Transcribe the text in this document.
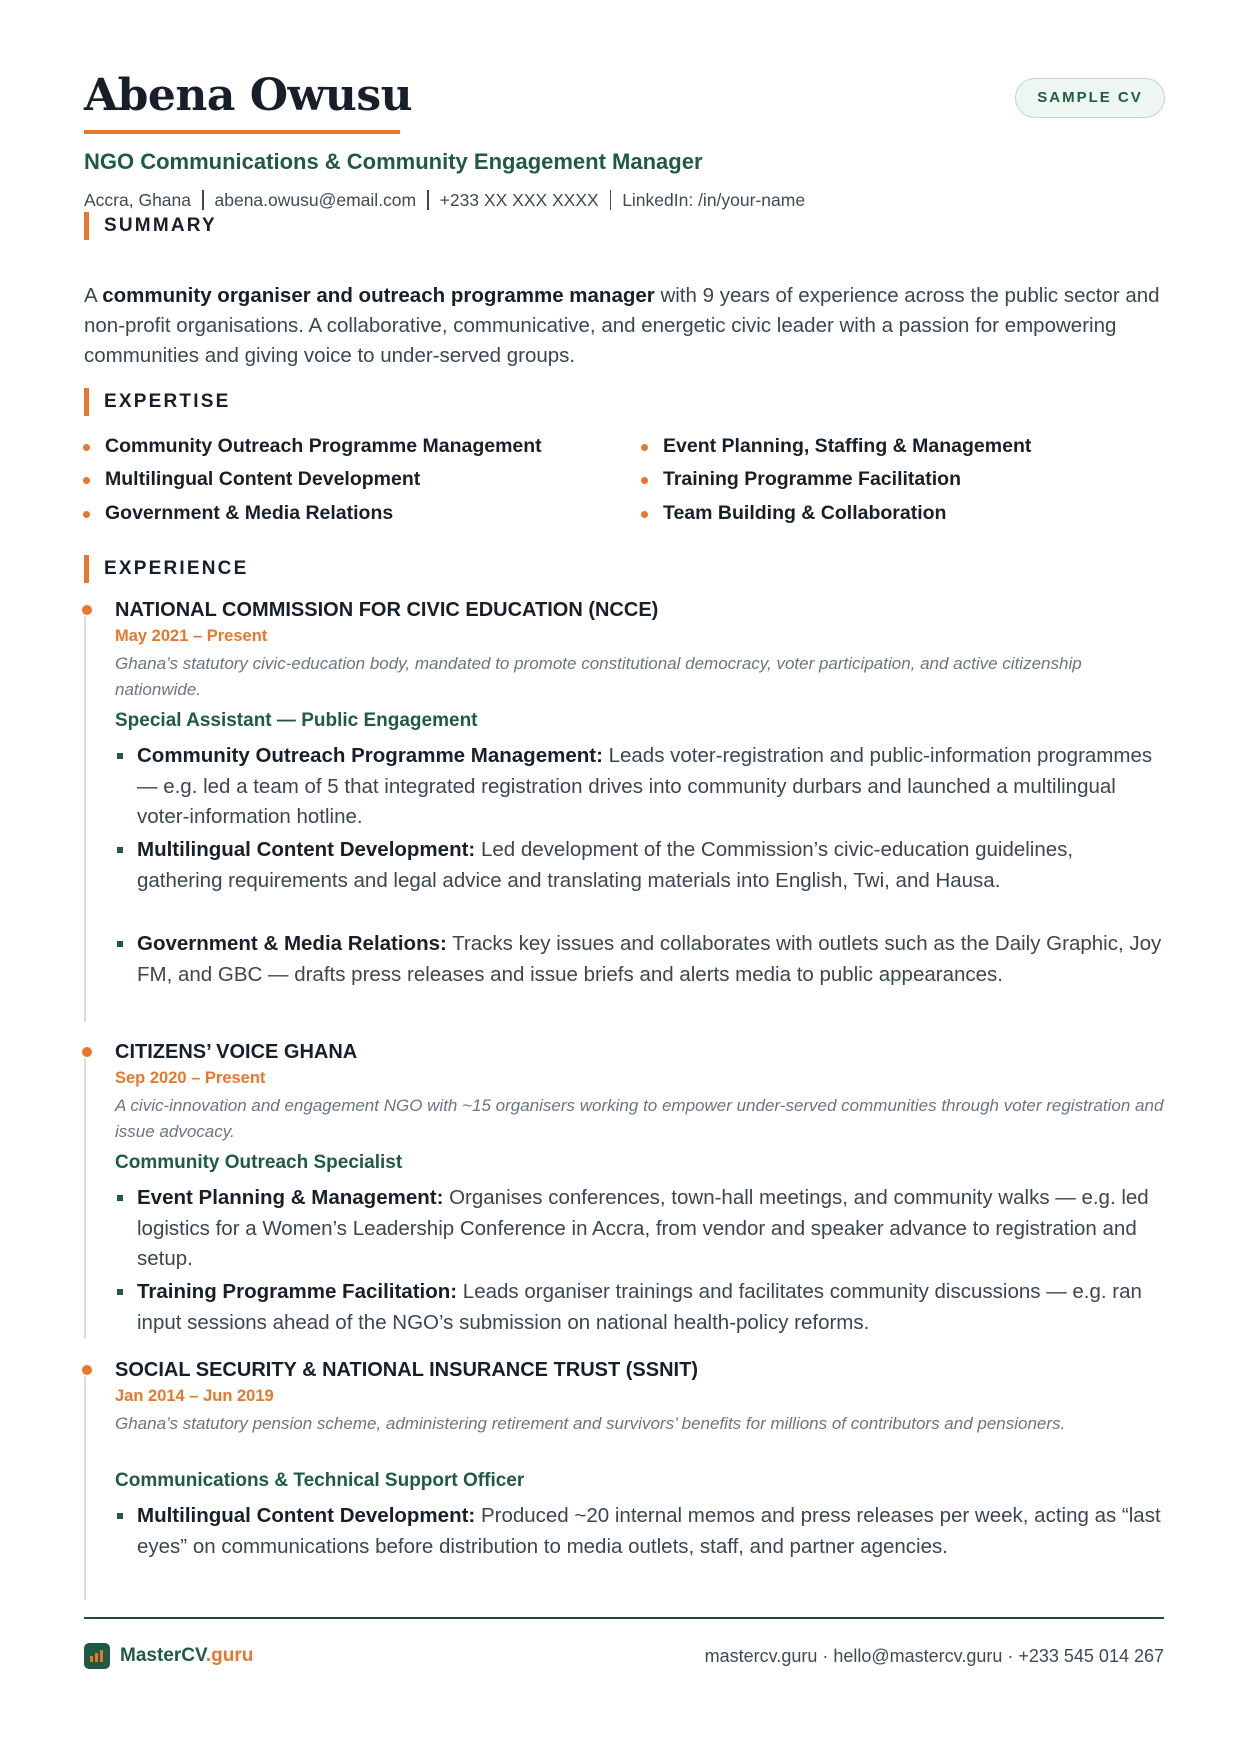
Abena Owusu	SAMPLE CV
NGO Communications & Community Engagement Manager
Accra, Ghana abena.owusu@email.com +233 XX XXX XXXX LinkedIn: /in/your-name
SUMMARY
A community organiser and outreach programme manager with 9 years of experience across the public sector and non-profit organisations. A collaborative, communicative, and energetic civic leader with a passion for empowering communities and giving voice to under-served groups.
EXPERTISE
Community Outreach Programme Management
Multilingual Content Development
Government & Media Relations
Event Planning, Staffing & Management
Training Programme Facilitation
Team Building & Collaboration
EXPERIENCE
NATIONAL COMMISSION FOR CIVIC EDUCATION (NCCE)
May 2021 – Present
Ghana’s statutory civic-education body, mandated to promote constitutional democracy, voter participation, and active citizenship nationwide.
Special Assistant — Public Engagement
Community Outreach Programme Management: Leads voter-registration and public-information programmes — e.g. led a team of 5 that integrated registration drives into community durbars and launched a multilingual voter-information hotline.
Multilingual Content Development: Led development of the Commission’s civic-education guidelines, gathering requirements and legal advice and translating materials into English, Twi, and Hausa.
Government & Media Relations: Tracks key issues and collaborates with outlets such as the Daily Graphic, Joy FM, and GBC — drafts press releases and issue briefs and alerts media to public appearances.
CITIZENS’ VOICE GHANA
Sep 2020 – Present
A civic-innovation and engagement NGO with ~15 organisers working to empower under-served communities through voter registration and issue advocacy.
Community Outreach Specialist
Event Planning & Management: Organises conferences, town-hall meetings, and community walks — e.g. led logistics for a Women’s Leadership Conference in Accra, from vendor and speaker advance to registration and setup.
Training Programme Facilitation: Leads organiser trainings and facilitates community discussions — e.g. ran input sessions ahead of the NGO’s submission on national health-policy reforms.
SOCIAL SECURITY & NATIONAL INSURANCE TRUST (SSNIT)
Jan 2014 – Jun 2019
Ghana’s statutory pension scheme, administering retirement and survivors’ benefits for millions of contributors and pensioners.
Communications & Technical Support Officer
Multilingual Content Development: Produced ~20 internal memos and press releases per week, acting as “last eyes” on communications before distribution to media outlets, staff, and partner agencies.
MasterCV.guru	mastercv.guru · hello@mastercv.guru · +233 545 014 267
